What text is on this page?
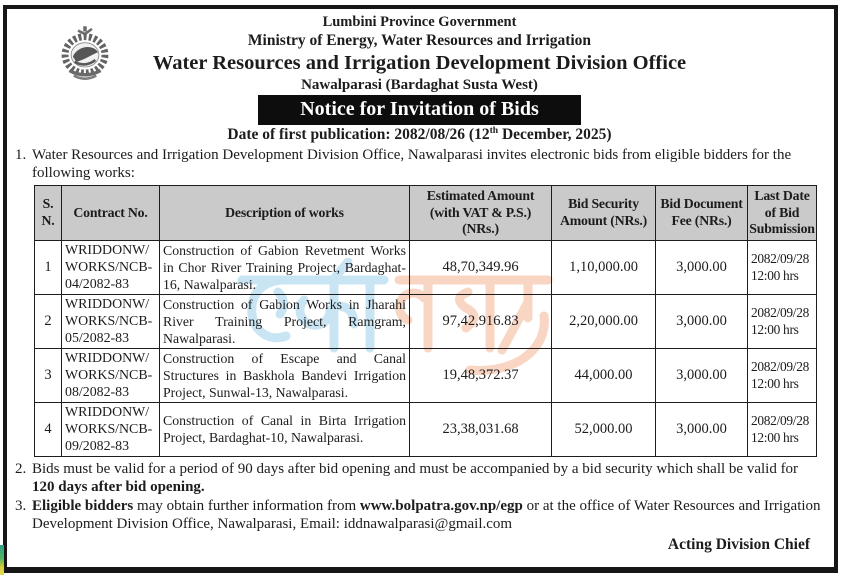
Lumbini Province Government
Ministry of Energy, Water Resources and Irrigation
Water Resources and Irrigation Development Division Office
Nawalparasi (Bardaghat Susta West)
Notice for Invitation of Bids
Date of first publication: 2082/08/26 (12th December, 2025)
1. Water Resources and Irrigation Development Division Office, Nawalparasi invites electronic bids from eligible bidders for the following works:
S. N.	Contract No.	Description of works	Estimated Amount (with VAT & P.S.) (NRs.)	Bid Security Amount (NRs.)	Bid Document Fee (NRs.)	Last Date of Bid Submission
1	WRIDDONW/ WORKS/NCB- 04/2082-83	Construction of Gabion Revetment Works in Chor River Training Project, Bardaghat-16, Nawalparasi.	48,70,349.96	1,10,000.00	3,000.00	2082/09/28 12:00 hrs
2	WRIDDONW/ WORKS/NCB- 05/2082-83	Construction of Gabion Works in Jharahi River Training Project, Ramgram, Nawalparasi.	97,42,916.83	2,20,000.00	3,000.00	2082/09/28 12:00 hrs
3	WRIDDONW/ WORKS/NCB- 08/2082-83	Construction of Escape and Canal Structures in Baskhola Bandevi Irrigation Project, Sunwal-13, Nawalparasi.	19,48,372.37	44,000.00	3,000.00	2082/09/28 12:00 hrs
4	WRIDDONW/ WORKS/NCB- 09/2082-83	Construction of Canal in Birta Irrigation Project, Bardaghat-10, Nawalparasi.	23,38,031.68	52,000.00	3,000.00	2082/09/28 12:00 hrs
2. Bids must be valid for a period of 90 days after bid opening and must be accompanied by a bid security which shall be valid for 120 days after bid opening.
3. Eligible bidders may obtain further information from www.bolpatra.gov.np/egp or at the office of Water Resources and Irrigation Development Division Office, Nawalparasi, Email: iddnawalparasi@gmail.com
Acting Division Chief
